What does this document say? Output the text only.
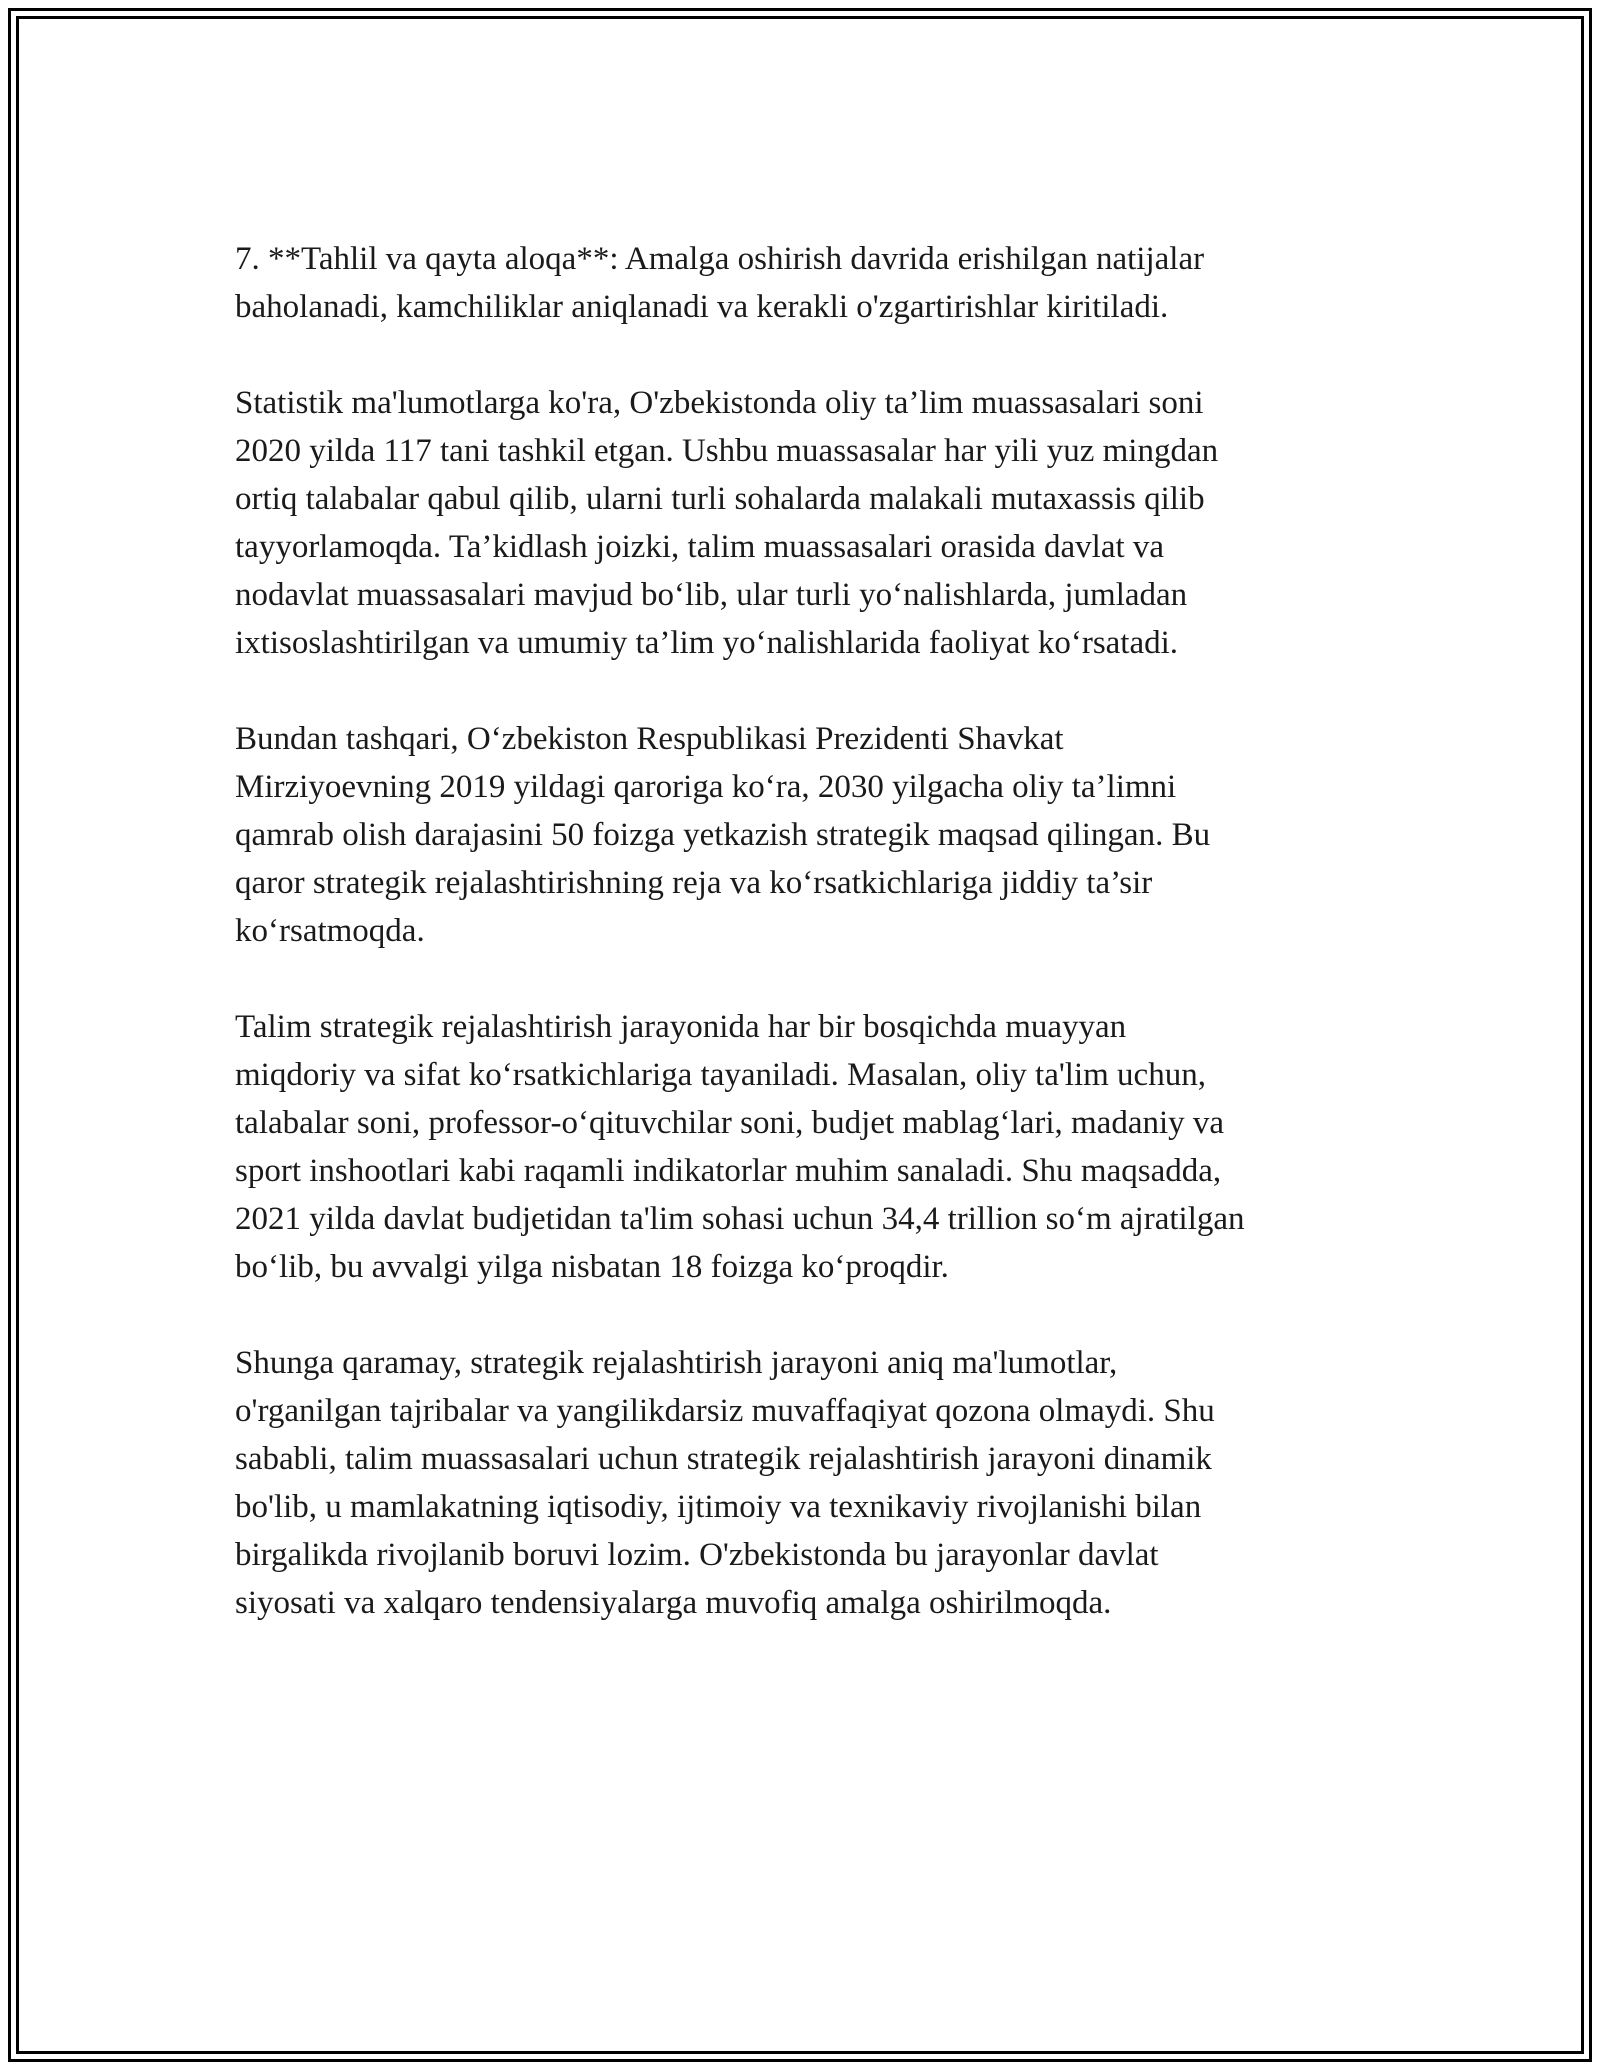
7. **Tahlil va qayta aloqa**: Amalga oshirish davrida erishilgan natijalar
baholanadi, kamchiliklar aniqlanadi va kerakli o'zgartirishlar kiritiladi.

Statistik ma'lumotlarga ko'ra, O'zbekistonda oliy ta’lim muassasalari soni
2020 yilda 117 tani tashkil etgan. Ushbu muassasalar har yili yuz mingdan
ortiq talabalar qabul qilib, ularni turli sohalarda malakali mutaxassis qilib
tayyorlamoqda. Ta’kidlash joizki, talim muassasalari orasida davlat va
nodavlat muassasalari mavjud bo‘lib, ular turli yo‘nalishlarda, jumladan
ixtisoslashtirilgan va umumiy ta’lim yo‘nalishlarida faoliyat ko‘rsatadi.

Bundan tashqari, O‘zbekiston Respublikasi Prezidenti Shavkat
Mirziyoevning 2019 yildagi qaroriga ko‘ra, 2030 yilgacha oliy ta’limni
qamrab olish darajasini 50 foizga yetkazish strategik maqsad qilingan. Bu
qaror strategik rejalashtirishning reja va ko‘rsatkichlariga jiddiy ta’sir
ko‘rsatmoqda.

Talim strategik rejalashtirish jarayonida har bir bosqichda muayyan
miqdoriy va sifat ko‘rsatkichlariga tayaniladi. Masalan, oliy ta'lim uchun,
talabalar soni, professor-o‘qituvchilar soni, budjet mablag‘lari, madaniy va
sport inshootlari kabi raqamli indikatorlar muhim sanaladi. Shu maqsadda,
2021 yilda davlat budjetidan ta'lim sohasi uchun 34,4 trillion so‘m ajratilgan
bo‘lib, bu avvalgi yilga nisbatan 18 foizga ko‘proqdir.

Shunga qaramay, strategik rejalashtirish jarayoni aniq ma'lumotlar,
o'rganilgan tajribalar va yangilikdarsiz muvaffaqiyat qozona olmaydi. Shu
sababli, talim muassasalari uchun strategik rejalashtirish jarayoni dinamik
bo'lib, u mamlakatning iqtisodiy, ijtimoiy va texnikaviy rivojlanishi bilan
birgalikda rivojlanib boruvi lozim. O'zbekistonda bu jarayonlar davlat
siyosati va xalqaro tendensiyalarga muvofiq amalga oshirilmoqda.
